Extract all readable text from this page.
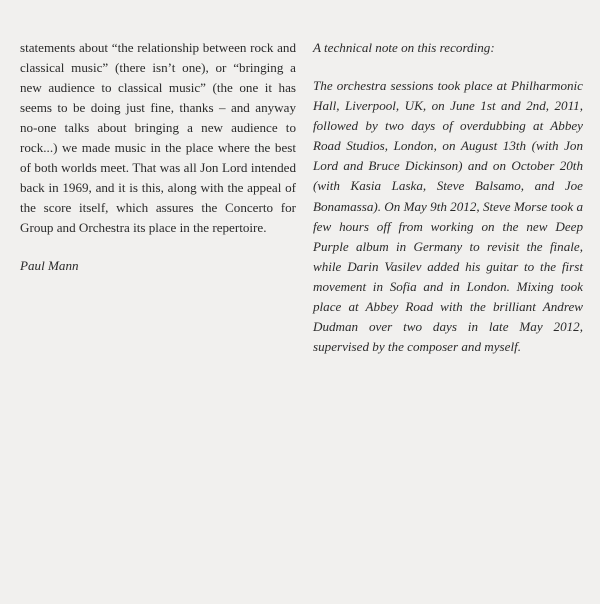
statements about “the relationship between rock and classical music” (there isn’t one), or “bringing a new audience to classical music” (the one it has seems to be doing just fine, thanks – and anyway no-one talks about bringing a new audience to rock...) we made music in the place where the best of both worlds meet. That was all Jon Lord intended back in 1969, and it is this, along with the appeal of the score itself, which assures the Concerto for Group and Orchestra its place in the repertoire.

Paul Mann

A technical note on this recording:

The orchestra sessions took place at Philharmonic Hall, Liverpool, UK, on June 1st and 2nd, 2011, followed by two days of overdubbing at Abbey Road Studios, London, on August 13th (with Jon Lord and Bruce Dickinson) and on October 20th (with Kasia Laska, Steve Balsamo, and Joe Bonamassa). On May 9th 2012, Steve Morse took a few hours off from working on the new Deep Purple album in Germany to revisit the finale, while Darin Vasilev added his guitar to the first movement in Sofia and in London. Mixing took place at Abbey Road with the brilliant Andrew Dudman over two days in late May 2012, supervised by the composer and myself.
